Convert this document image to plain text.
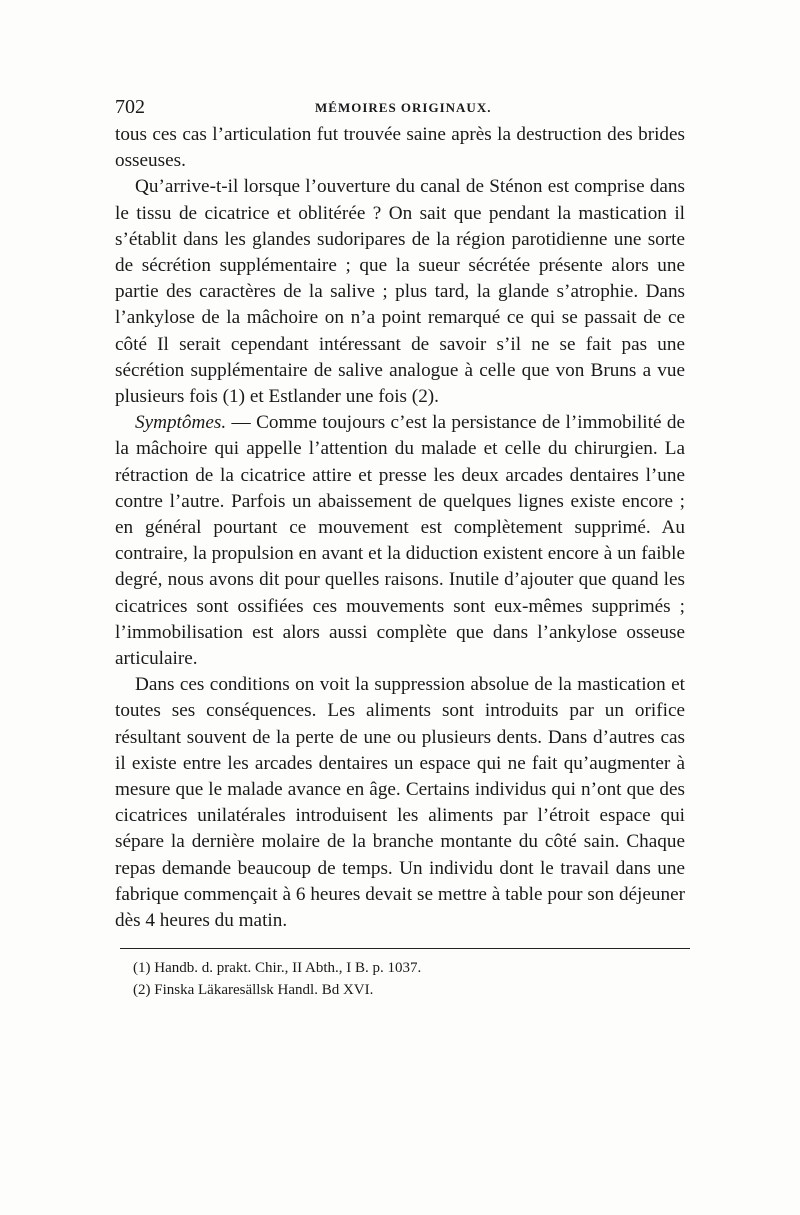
702	MÉMOIRES ORIGINAUX.

tous ces cas l’articulation fut trouvée saine après la destruction des brides osseuses.

Qu’arrive-t-il lorsque l’ouverture du canal de Sténon est comprise dans le tissu de cicatrice et oblitérée ? On sait que pendant la mastication il s’établit dans les glandes sudoripares de la région parotidienne une sorte de sécrétion supplémentaire ; que la sueur sécrétée présente alors une partie des caractères de la salive ; plus tard, la glande s’atrophie. Dans l’ankylose de la mâchoire on n’a point remarqué ce qui se passait de ce côté Il serait cependant intéressant de savoir s’il ne se fait pas une sécrétion supplémentaire de salive analogue à celle que von Bruns a vue plusieurs fois (1) et Estlander une fois (2).

Symptômes. — Comme toujours c’est la persistance de l’immobilité de la mâchoire qui appelle l’attention du malade et celle du chirurgien. La rétraction de la cicatrice attire et presse les deux arcades dentaires l’une contre l’autre. Parfois un abaissement de quelques lignes existe encore ; en général pourtant ce mouvement est complètement supprimé. Au contraire, la propulsion en avant et la diduction existent encore à un faible degré, nous avons dit pour quelles raisons. Inutile d’ajouter que quand les cicatrices sont ossifiées ces mouvements sont eux-mêmes supprimés ; l’immobilisation est alors aussi complète que dans l’ankylose osseuse articulaire.

Dans ces conditions on voit la suppression absolue de la mastication et toutes ses conséquences. Les aliments sont introduits par un orifice résultant souvent de la perte de une ou plusieurs dents. Dans d’autres cas il existe entre les arcades dentaires un espace qui ne fait qu’augmenter à mesure que le malade avance en âge. Certains individus qui n’ont que des cicatrices unilatérales introduisent les aliments par l’étroit espace qui sépare la dernière molaire de la branche montante du côté sain. Chaque repas demande beaucoup de temps. Un individu dont le travail dans une fabrique commençait à 6 heures devait se mettre à table pour son déjeuner dès 4 heures du matin.

(1) Handb. d. prakt. Chir., II Abth., I B. p. 1037.
(2) Finska Läkaresällsk Handl. Bd XVI.
